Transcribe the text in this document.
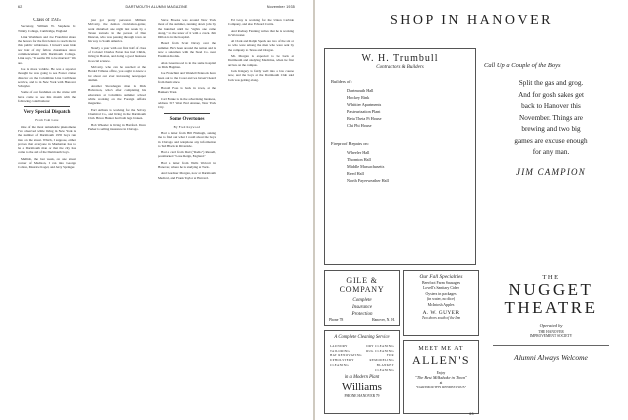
62	DARTMOUTH ALUMNI MAGAZINE	November 1935
Class of 1935

Secretary, William W. Stephens Jr. Trinity College, Cambridge, England

Link Washburn and Joe Franchini share the honors for the first letters to reach me in this public wilderness. I haven't seen hide nor hair of my fellow classmates since commencement with Dartmouth College. Link says, "It seems I'm to be married." We are.

Joe is more voluble. He was a reporter thought he was going to see Foster cruise director on the Columbian Line Caribbean service, and is in New York with Hanover Schuyler.

Some of our freshmen on the cruise will have come to see this month with the following contributions:

Very Special Dispatch
From Tom Lane

One of the most remarkable phenomena I've observed while living in New York is the number of Dartmouth 1935 boys run into on the street. Which, I suppose, either proves that everyone in Manhattan has to be a Dartmouth man or that the city has come to the aid of the Dartmouth boys.

Mellish, the last week, on one street corner of Madison, I ran into George Colton, Maurice Kogel, and Jerry Springer.

just got pretty personal. Milburn McCarty, the demon circulation-getter, went disturbed one night last week by a Texan tornado in the person of Dan Duncan, who was passing through town on his way to South America.

Nearly a year with our first half of class of Colonel Charles Eaton has had Childs, living in Boston, and doing a good business in social science.

McCarty, who can be reached at the Herald Tribune office, you ought to know a lot about our ever increasing newspaper alumni.

Another Skowhegan man is Dick Halverson, who's after completing his education at Columbia summer school while working on the Foreign Affairs magazine.

Earl Arthurs is working for the Solvay Chemical Co., and living in the Dartmouth Club. Bruce Hunter had both legs broken.

Bob Wheeler is living in Hartford. Dave Parker is selling insurance in Chicago.

Steve Brooks was around New York most of the summer, running down jobs by the hundred until he "sights one came along," to the tenor of it with a crack. Jim Dillon is in the hospital.

Heard from Scott Davey over the summer. He's been around the nation and is now a salesman with the Steel Co. near Eastman Kodak.

Alan Greenwood is in the same hospital as Dick Hagman.

Joe Franchini and Wendell Pennock have been out to the Coast and we haven't heard from them since.

Harold Foss is back in town, at the Bankers Trust.

Carl Fenke is in the advertising business, address 317 West End Avenue, New York City.

Some Overtones
By Fred Kaywood

Had a letter from Bill Fitzhugh, asking me to find out what I could about the boys in Chicago and telephone any information to Ted Black in Riverside.

Had a card from Dud ("Radio") Russell, postmarked "Lone Reign, England."

Had a letter from Wells Wolcott in Hanover, where he is studying at Tuck.

And Gardner Morgan, now at Dartmouth Medical, and Frank Taylor at Harvard.

Ed Gray is working for the Union Carbide Company, and also Edward Curtis.

And Rodney Fanning writes that he is working in Worcester.

Al Clark and Ralph Speck are two of the six or so who were among the men who were sent by the company to Texas and Oregon.

Mr. Morgan is expected to be back at Dartmouth and studying Medicine, when he first arrives on the campus.

Jack Kingery is fairly well into a law course now, and the boys at the Dartmouth Club said Jack was getting along.

SHOP IN HANOVER
W. H. Trumbull
Contractors & Builders
Builders of:
Dartmouth Hall
Hockey Rink
Whittier Apartments
Pasteurization Plant
Beta Theta Pi House
Chi Phi House
Fireproof Repairs on:
Wheeler Hall
Thornton Hall
Middle Massachusetts
Reed Hall
North Fayerweather Hall
Call Up a Couple of the Boys
Split the gas and grog.
And for gosh sakes get
back to Hanover this
November. Things are
brewing and two big
games are excuse enough
for any man.
JIM CAMPION
GILE & COMPANY
Complete
Insurance
Protection
Phone 78	Hanover, N. H.
Our Fall Specialties
Beerfoot Farm Sausages
Lovell's Sanitary Cider
Oysters in packages
(in water, no dice)
McIntosh Apples
A. W. GUYER
Two doors south of the Inn
THE
NUGGET
THEATRE
Operated by
THE HANOVER
IMPROVEMENT SOCIETY
Alumni Always Welcome
A Complete Cleaning Service
LAUNDRY
TAILORING
HAT RENOVATING
UPHOLSTERY CLEANING
DRY CLEANING
RUG CLEANING
FUR REMODELING
BLANKET CLEANING
in a Modern Plant
Williams
PHONE HANOVER 79
MEET ME AT
ALLEN'S
Enjoy
"The Best Milkshake in Town"
at
"DARTMOUTH'S RENDEZVOUS"
63
